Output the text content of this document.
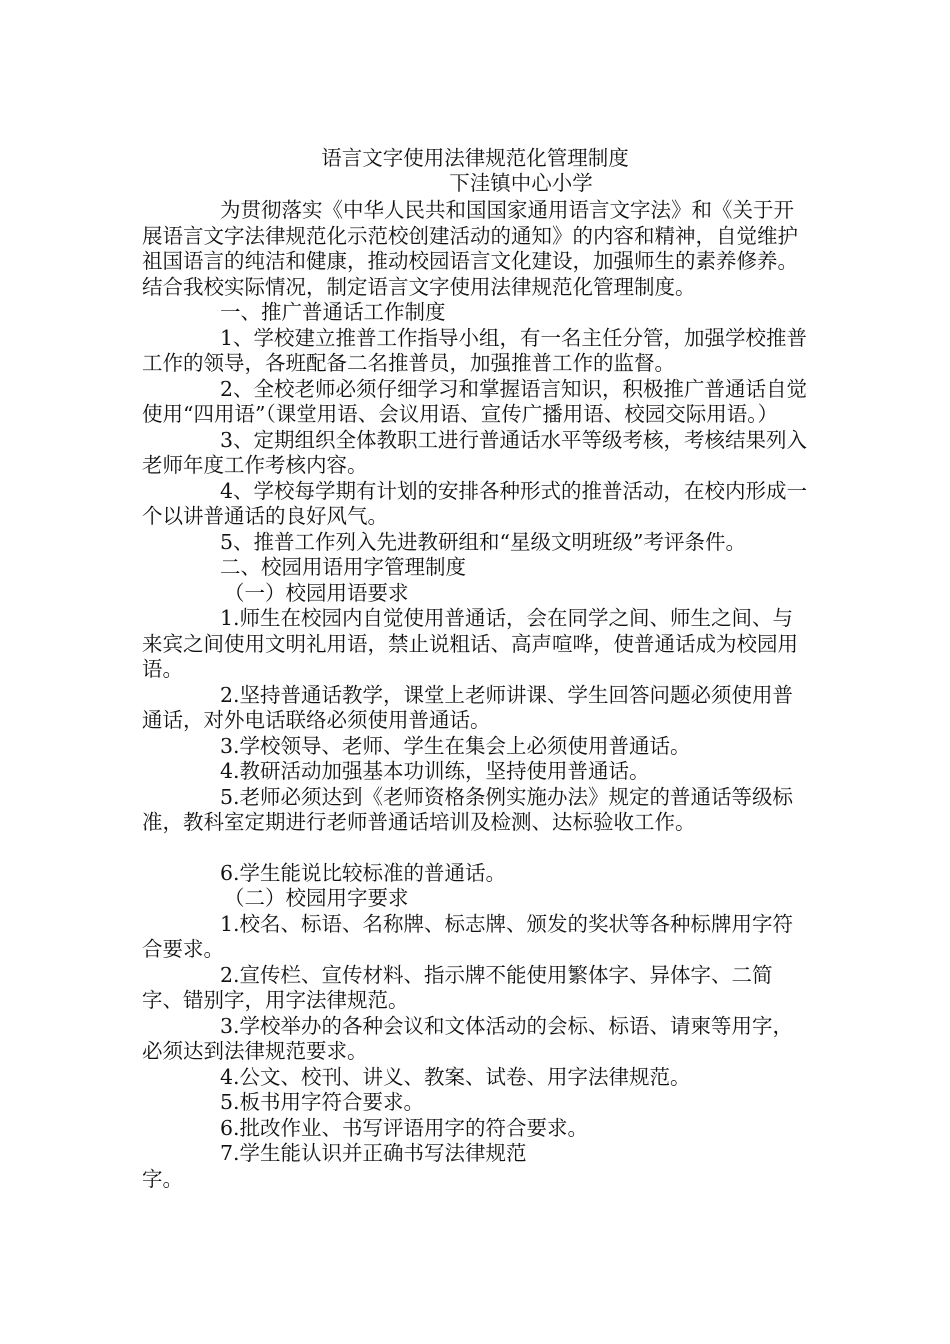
语言文字使用法律规范化管理制度
下洼镇中心小学

为贯彻落实《中华人民共和国国家通用语言文字法》和《关于开展语言文字法律规范化示范校创建活动的通知》的内容和精神，自觉维护祖国语言的纯洁和健康，推动校园语言文化建设，加强师生的素养修养。结合我校实际情况，制定语言文字使用法律规范化管理制度。

一、推广普通话工作制度

1、学校建立推普工作指导小组，有一名主任分管，加强学校推普工作的领导，各班配备二名推普员，加强推普工作的监督。

2、全校老师必须仔细学习和掌握语言知识，积极推广普通话自觉使用“四用语”（课堂用语、会议用语、宣传广播用语、校园交际用语。）

3、定期组织全体教职工进行普通话水平等级考核，考核结果列入老师年度工作考核内容。

4、学校每学期有计划的安排各种形式的推普活动，在校内形成一个以讲普通话的良好风气。

5、推普工作列入先进教研组和“星级文明班级”考评条件。

二、校园用语用字管理制度

（一）校园用语要求

1.师生在校园内自觉使用普通话，会在同学之间、师生之间、与来宾之间使用文明礼用语，禁止说粗话、高声喧哗，使普通话成为校园用语。

2.坚持普通话教学，课堂上老师讲课、学生回答问题必须使用普通话，对外电话联络必须使用普通话。

3.学校领导、老师、学生在集会上必须使用普通话。

4.教研活动加强基本功训练，坚持使用普通话。

5.老师必须达到《老师资格条例实施办法》规定的普通话等级标准，教科室定期进行老师普通话培训及检测、达标验收工作。

6.学生能说比较标准的普通话。

（二）校园用字要求

1.校名、标语、名称牌、标志牌、颁发的奖状等各种标牌用字符合要求。

2.宣传栏、宣传材料、指示牌不能使用繁体字、异体字、二简字、错别字，用字法律规范。

3.学校举办的各种会议和文体活动的会标、标语、请柬等用字，必须达到法律规范要求。

4.公文、校刊、讲义、教案、试卷、用字法律规范。

5.板书用字符合要求。

6.批改作业、书写评语用字的符合要求。

7.学生能认识并正确书写法律规范字。
